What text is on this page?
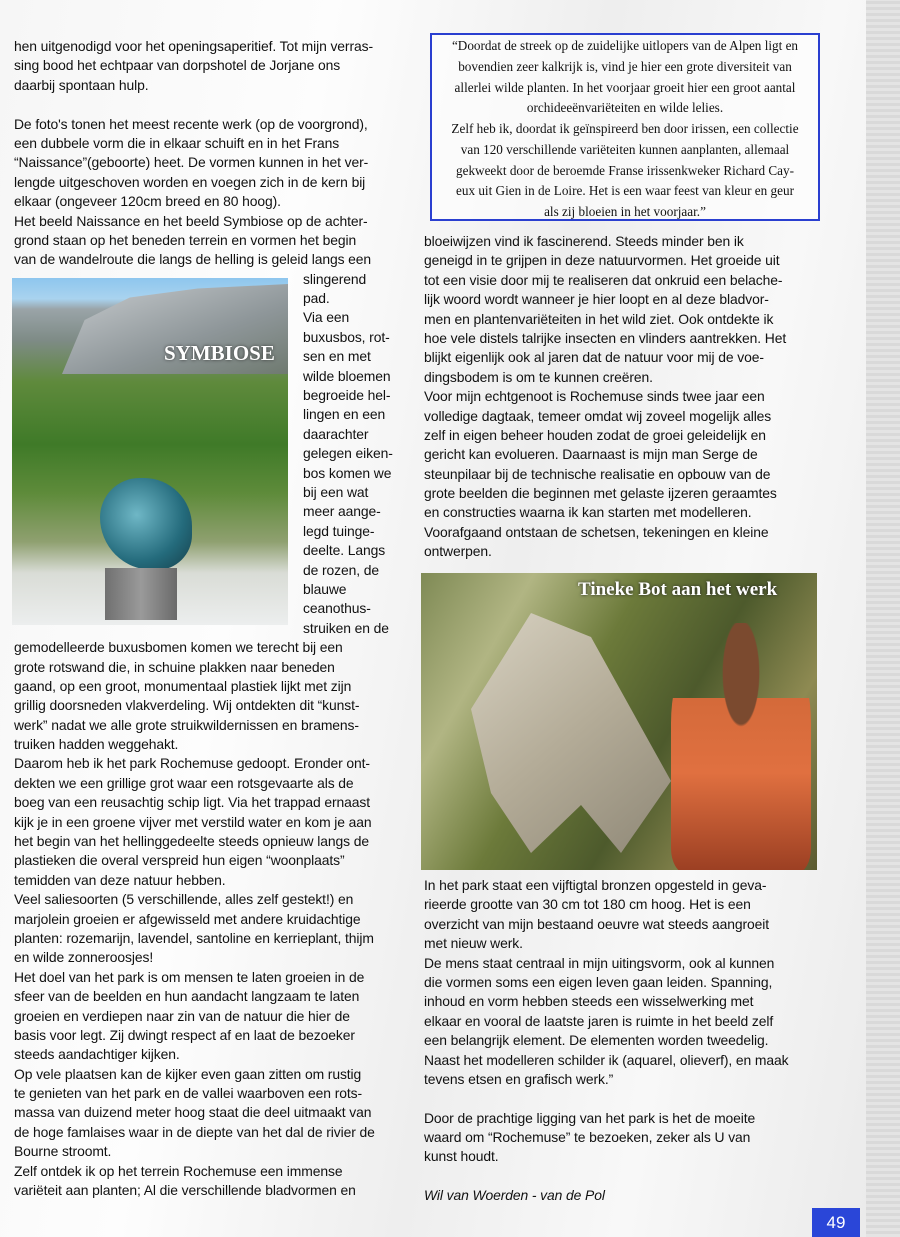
hen uitgenodigd voor het openingsaperitief. Tot mijn verras-
sing bood het echtpaar van dorpshotel de Jorjane ons
daarbij spontaan hulp.
De foto's tonen het meest recente werk (op de voorgrond),
een dubbele vorm die in elkaar schuift en in het Frans
“Naissance”(geboorte) heet. De vormen kunnen in het ver-
lengde uitgeschoven worden en voegen zich in de kern bij
elkaar (ongeveer 120cm breed en 80 hoog).
Het beeld Naissance en het beeld Symbiose op de achter-
grond staan op het beneden terrein en vormen het begin
van de wandelroute die langs de helling is geleid langs een
slingerend
pad.
Via een
buxusbos, rot-
sen en met
wilde bloemen
begroeide hel-
lingen en een
daarachter
gelegen eiken-
bos komen we
bij een wat
meer aange-
legd tuinge-
deelte. Langs
de rozen, de
blauwe
ceanothus-
struiken en de
gemodelleerde buxusbomen komen we terecht bij een
grote rotswand die, in schuine plakken naar beneden
gaand, op een groot, monumentaal plastiek lijkt met zijn
grillig doorsneden vlakverdeling. Wij ontdekten dit “kunst-
werk” nadat we alle grote struikwildernissen en bramens-
truiken hadden weggehakt.
Daarom heb ik het park Rochemuse gedoopt. Eronder ont-
dekten we een grillige grot waar een rotsgevaarte als de
boeg van een reusachtig schip ligt. Via het trappad ernaast
kijk je in een groene vijver met verstild water en kom je aan
het begin van het hellinggedeelte steeds opnieuw langs de
plastieken die overal verspreid hun eigen “woonplaats”
temidden van deze natuur hebben.
Veel saliesoorten (5 verschillende, alles zelf gestekt!) en
marjolein groeien er afgewisseld met andere kruidachtige
planten: rozemarijn, lavendel, santoline en kerrieplant, thijm
en wilde zonneroosjes!
Het doel van het park is om mensen te laten groeien in de
sfeer van de beelden en hun aandacht langzaam te laten
groeien en verdiepen naar zin van de natuur die hier de
basis voor legt. Zij dwingt respect af en laat de bezoeker
steeds aandachtiger kijken.
Op vele plaatsen kan de kijker even gaan zitten om rustig
te genieten van het park en de vallei waarboven een rots-
massa van duizend meter hoog staat die deel uitmaakt van
de hoge famlaises waar in de diepte van het dal de rivier de
Bourne stroomt.
Zelf ontdek ik op het terrein Rochemuse een immense
variëteit aan planten; Al die verschillende bladvormen en
SYMBIOSE
“Doordat de streek op de zuidelijke uitlopers van de Alpen ligt en
bovendien zeer kalkrijk is, vind je hier een grote diversiteit van
allerlei wilde planten. In het voorjaar groeit hier een groot aantal
orchideeënvariëteiten en wilde lelies.
Zelf heb ik, doordat ik geïnspireerd ben door irissen, een collectie
van 120 verschillende variëteiten kunnen aanplanten, allemaal
gekweekt door de beroemde Franse irissenkweker Richard Cay-
eux uit Gien in de Loire. Het is een waar feest van kleur en geur
als zij bloeien in het voorjaar.”
bloeiwijzen vind ik fascinerend. Steeds minder ben ik
geneigd in te grijpen in deze natuurvormen. Het groeide uit
tot een visie door mij te realiseren dat onkruid een belache-
lijk woord wordt wanneer je hier loopt en al deze bladvor-
men en plantenvariëteiten in het wild ziet. Ook ontdekte ik
hoe vele distels talrijke insecten en vlinders aantrekken. Het
blijkt eigenlijk ook al jaren dat de natuur voor mij de voe-
dingsbodem is om te kunnen creëren.
Voor mijn echtgenoot is Rochemuse sinds twee jaar een
volledige dagtaak, temeer omdat wij zoveel mogelijk alles
zelf in eigen beheer houden zodat de groei geleidelijk en
gericht kan evolueren. Daarnaast is mijn man Serge de
steunpilaar bij de technische realisatie en opbouw van de
grote beelden die beginnen met gelaste ijzeren geraamtes
en constructies waarna ik kan starten met modelleren.
Voorafgaand ontstaan de schetsen, tekeningen en kleine
ontwerpen.
Tineke Bot aan het werk
In het park staat een vijftigtal bronzen opgesteld in geva-
rieerde grootte van 30 cm tot 180 cm hoog. Het is een
overzicht van mijn bestaand oeuvre wat steeds aangroeit
met nieuw werk.
De mens staat centraal in mijn uitingsvorm, ook al kunnen
die vormen soms een eigen leven gaan leiden. Spanning,
inhoud en vorm hebben steeds een wisselwerking met
elkaar en vooral de laatste jaren is ruimte in het beeld zelf
een belangrijk element. De elementen worden tweedelig.
Naast het modelleren schilder ik (aquarel, olieverf), en maak
tevens etsen en grafisch werk.”
Door de prachtige ligging van het park is het de moeite
waard om “Rochemuse” te bezoeken, zeker als U van
kunst houdt.
Wil van Woerden - van de Pol
49
